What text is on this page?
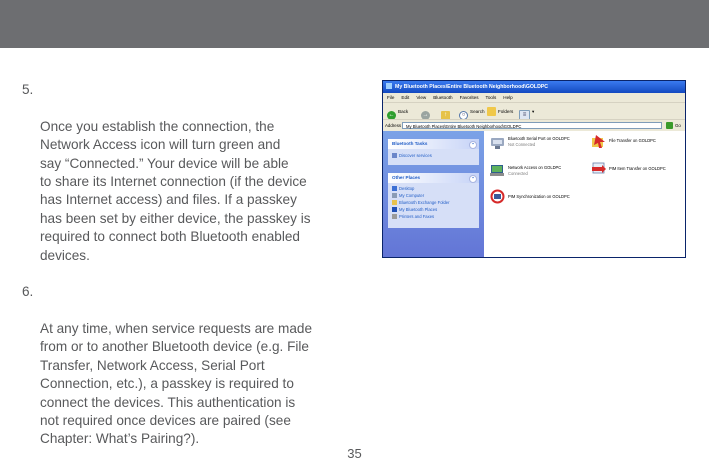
5.

Once you establish the connection, the
Network Access icon will turn green and
say “Connected.” Your device will be able
to share its Internet connection (if the device
has Internet access) and files. If a passkey
has been set by either device, the passkey is
required to connect both Bluetooth enabled
devices.

6.

At any time, when service requests are made
from or to another Bluetooth device (e.g. File
Transfer, Network Access, Serial Port
Connection, etc.), a passkey is required to
connect the devices. This authentication is
not required once devices are paired (see
Chapter: What’s Pairing?).

My Bluetooth Places\Entire Bluetooth Neighborhood\GOLDPC
File Edit View Bluetooth Favorites Tools Help
←Back
→	↑	○Search	Folders
≡▾
Address	My Bluetooth Places\Entire Bluetooth Neighborhood\GOLDPC	Go
Bluetooth Tasks	⌃
Discover services
Other Places	⌃
Desktop
My Computer
Bluetooth Exchange Folder
My Bluetooth Places
Printers and Faxes
Bluetooth Serial Port on GOLDPC
Not Connected
File Transfer on GOLDPC
Network Access on GOLDPC
Connected
PIM Item Transfer on GOLDPC
PIM Synchronization on GOLDPC
35
